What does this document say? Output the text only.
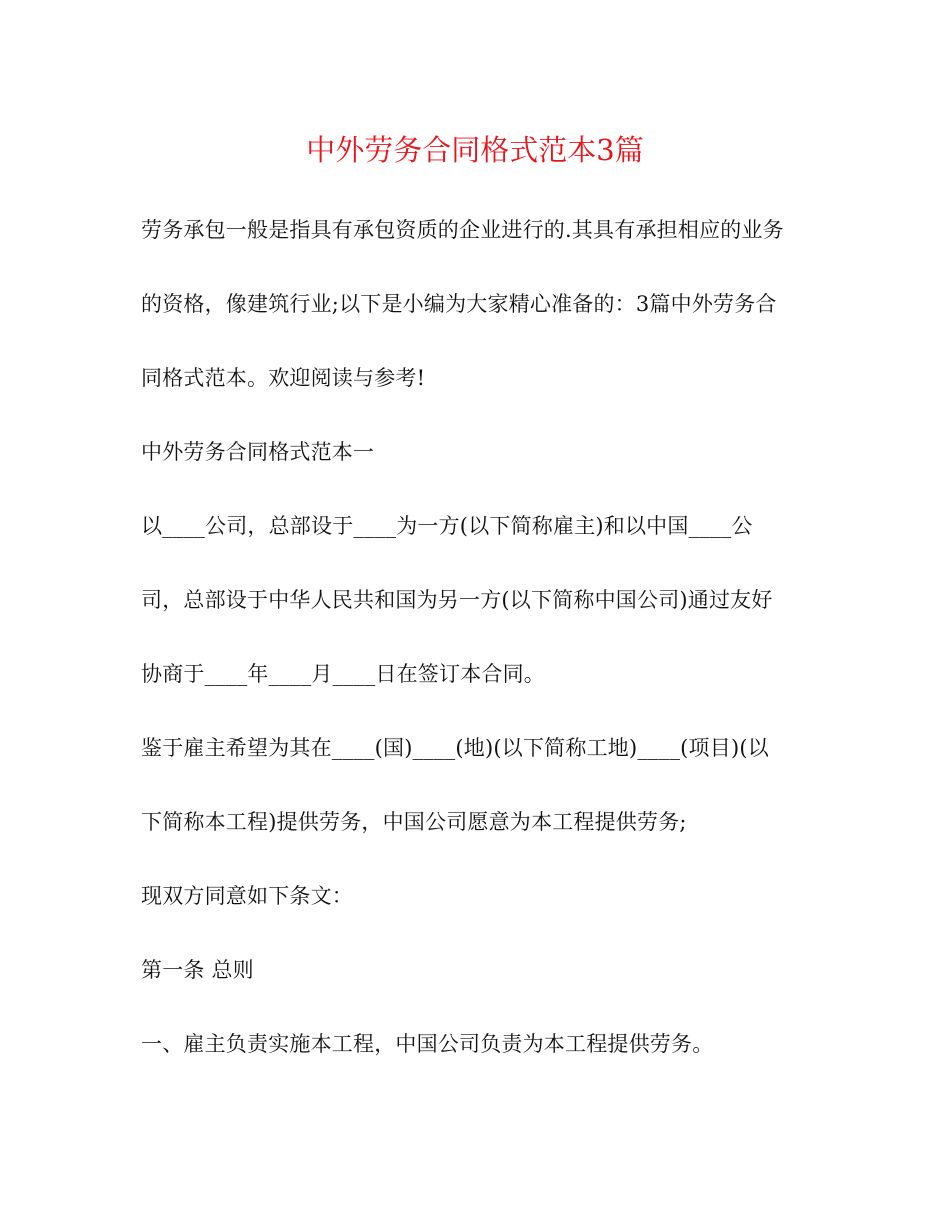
中外劳务合同格式范本3篇

劳务承包一般是指具有承包资质的企业进行的.其具有承担相应的业务

的资格，像建筑行业;以下是小编为大家精心准备的：3篇中外劳务合

同格式范本。欢迎阅读与参考!

中外劳务合同格式范本一

以____公司，总部设于____为一方(以下简称雇主)和以中国____公

司，总部设于中华人民共和国为另一方(以下简称中国公司)通过友好

协商于____年____月____日在签订本合同。

鉴于雇主希望为其在____(国)____(地)(以下简称工地)____(项目)(以

下简称本工程)提供劳务，中国公司愿意为本工程提供劳务;

现双方同意如下条文：

第一条 总则

一、雇主负责实施本工程，中国公司负责为本工程提供劳务。
